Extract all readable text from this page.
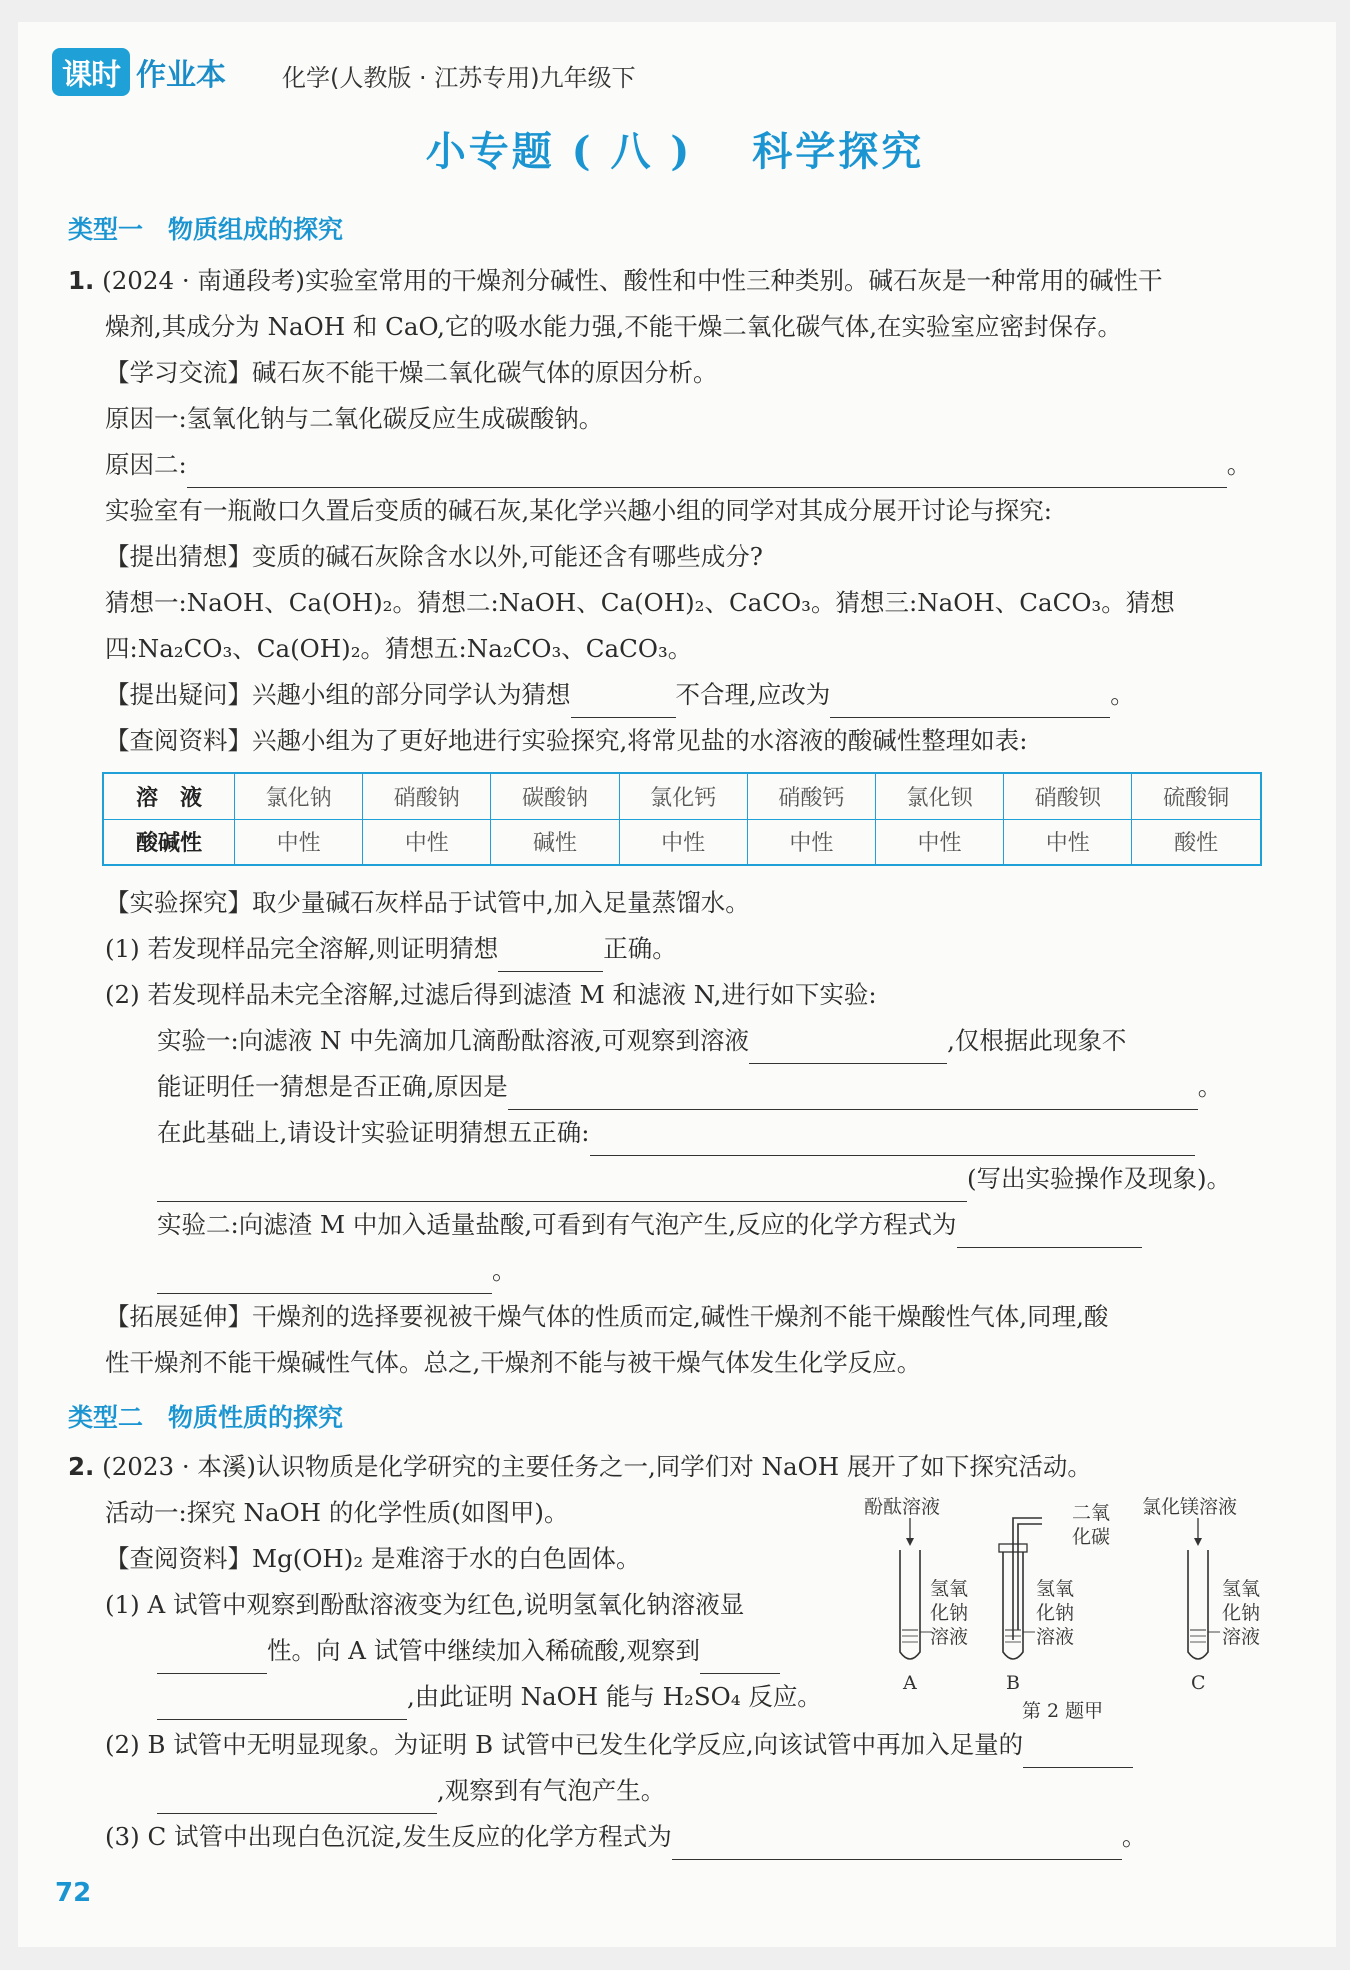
课时 作业本 化学(人教版 · 江苏专用)九年级下
小专题 ( 八 )　 科学探究
类型一　物质组成的探究
1. (2024 · 南通段考)实验室常用的干燥剂分碱性、酸性和中性三种类别。碱石灰是一种常用的碱性干
燥剂,其成分为 NaOH 和 CaO,它的吸水能力强,不能干燥二氧化碳气体,在实验室应密封保存。
【学习交流】碱石灰不能干燥二氧化碳气体的原因分析。
原因一:氢氧化钠与二氧化碳反应生成碳酸钠。
原因二:	。
实验室有一瓶敞口久置后变质的碱石灰,某化学兴趣小组的同学对其成分展开讨论与探究:
【提出猜想】变质的碱石灰除含水以外,可能还含有哪些成分?
猜想一:NaOH、Ca(OH)₂。猜想二:NaOH、Ca(OH)₂、CaCO₃。猜想三:NaOH、CaCO₃。猜想
四:Na₂CO₃、Ca(OH)₂。猜想五:Na₂CO₃、CaCO₃。
【提出疑问】兴趣小组的部分同学认为猜想	不合理,应改为	。
【查阅资料】兴趣小组为了更好地进行实验探究,将常见盐的水溶液的酸碱性整理如表:
溶　液	氯化钠	硝酸钠	碳酸钠	氯化钙	硝酸钙	氯化钡	硝酸钡	硫酸铜
酸碱性	中性	中性	碱性	中性	中性	中性	中性	酸性
【实验探究】取少量碱石灰样品于试管中,加入足量蒸馏水。
(1) 若发现样品完全溶解,则证明猜想	正确。
(2) 若发现样品未完全溶解,过滤后得到滤渣 M 和滤液 N,进行如下实验:
实验一:向滤液 N 中先滴加几滴酚酞溶液,可观察到溶液	,仅根据此现象不
能证明任一猜想是否正确,原因是	。
在此基础上,请设计实验证明猜想五正确:
(写出实验操作及现象)。
实验二:向滤渣 M 中加入适量盐酸,可看到有气泡产生,反应的化学方程式为
。
【拓展延伸】干燥剂的选择要视被干燥气体的性质而定,碱性干燥剂不能干燥酸性气体,同理,酸
性干燥剂不能干燥碱性气体。总之,干燥剂不能与被干燥气体发生化学反应。
类型二　物质性质的探究
2. (2023 · 本溪)认识物质是化学研究的主要任务之一,同学们对 NaOH 展开了如下探究活动。
活动一:探究 NaOH 的化学性质(如图甲)。
【查阅资料】Mg(OH)₂ 是难溶于水的白色固体。
(1) A 试管中观察到酚酞溶液变为红色,说明氢氧化钠溶液显
性。向 A 试管中继续加入稀硫酸,观察到
,由此证明 NaOH 能与 H₂SO₄ 反应。
(2) B 试管中无明显现象。为证明 B 试管中已发生化学反应,向该试管中再加入足量的
,观察到有气泡产生。
(3) C 试管中出现白色沉淀,发生反应的化学方程式为	。
酚酞溶液	二氧
化碳
氯化镁溶液
氢氧
化钠
溶液
氢氧
化钠
溶液
氢氧
化钠
溶液
A	B	C
第 2 题甲
72
